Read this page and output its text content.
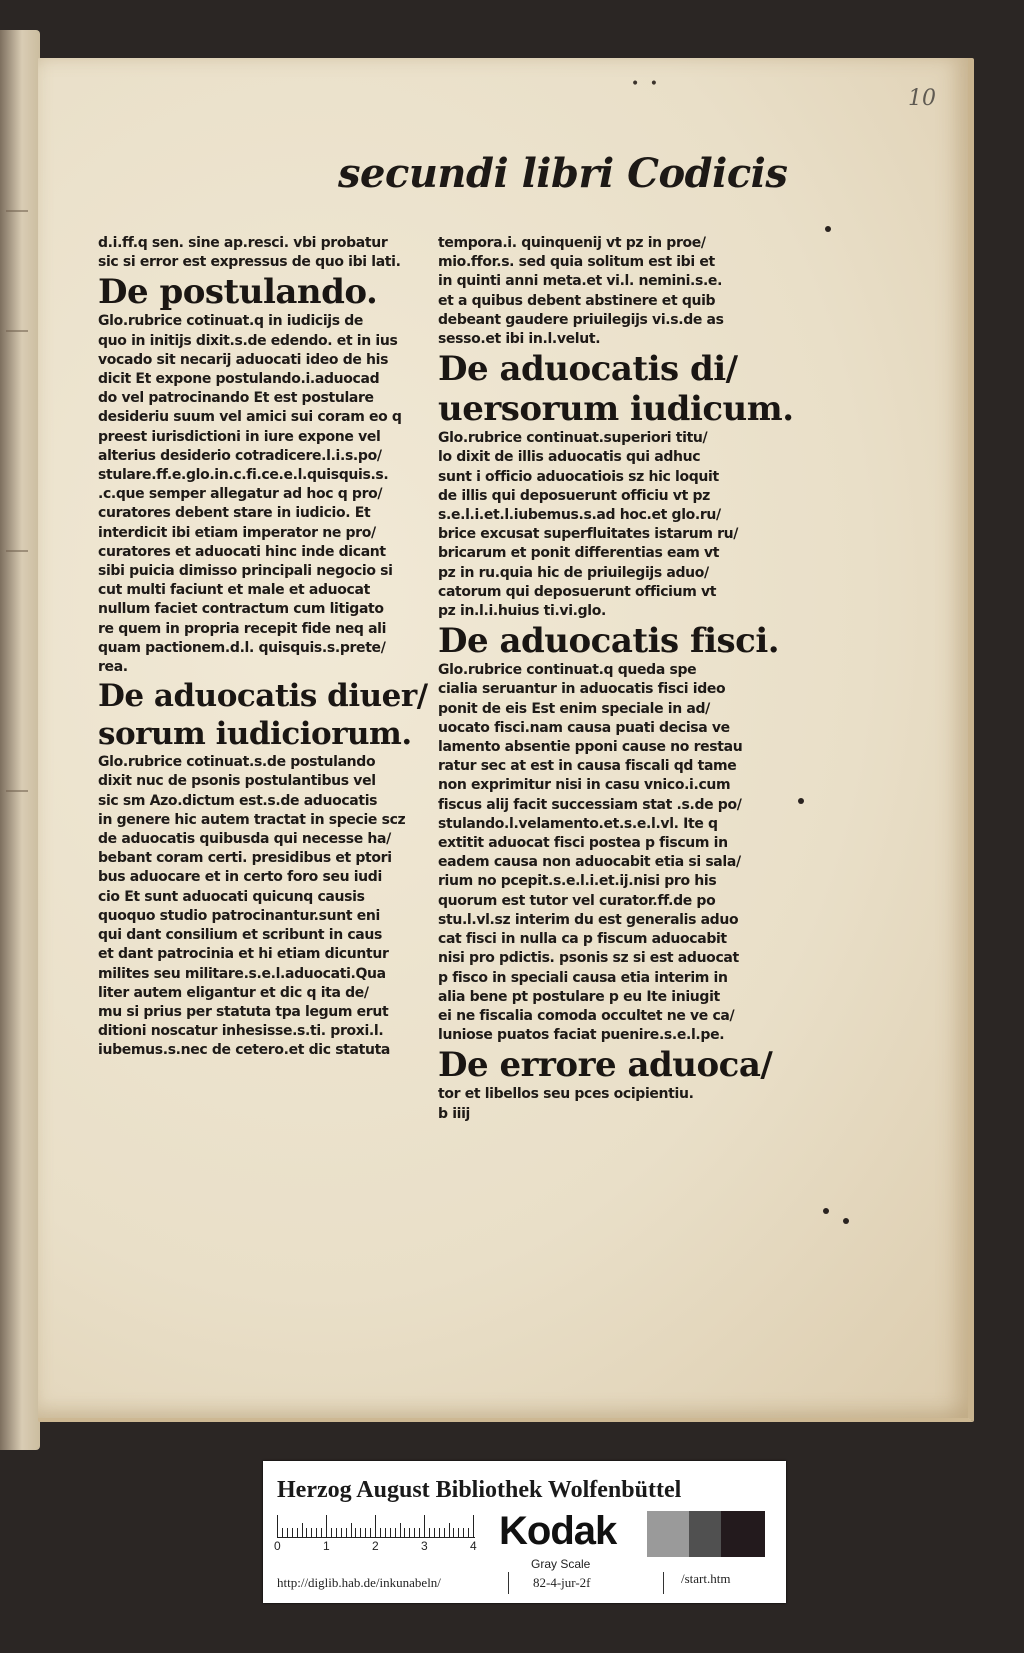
• •
10
secundi libri Codicis
d.i.ff.q sen. sine ap.resci. vbi probatur
sic si error est expressus de quo ibi lati.
De postulando.
Glo.rubrice cotinuat.q in iudicijs de
quo in initijs dixit.s.de edendo. et in ius
vocado sit necarij aduocati ideo de his
dicit Et expone postulando.i.aduocad
do vel patrocinando Et est postulare
desideriu suum vel amici sui coram eo q
preest iurisdictioni in iure expone vel
alterius desiderio cotradicere.l.i.s.po/
stulare.ff.e.glo.in.c.fi.ce.e.l.quisquis.s.
.c.que semper allegatur ad hoc q pro/
curatores debent stare in iudicio. Et
interdicit ibi etiam imperator ne pro/
curatores et aduocati hinc inde dicant
sibi puicia dimisso principali negocio si
cut multi faciunt et male et aduocat
nullum faciet contractum cum litigato
re quem in propria recepit fide neq ali
quam pactionem.d.l. quisquis.s.prete/
rea.
De aduocatis diuer/
sorum iudiciorum.
Glo.rubrice cotinuat.s.de postulando
dixit nuc de psonis postulantibus vel
sic sm Azo.dictum est.s.de aduocatis
in genere hic autem tractat in specie scz
de aduocatis quibusda qui necesse ha/
bebant coram certi. presidibus et ptori
bus aduocare et in certo foro seu iudi
cio Et sunt aduocati quicunq causis
quoquo studio patrocinantur.sunt eni
qui dant consilium et scribunt in caus
et dant patrocinia et hi etiam dicuntur
milites seu militare.s.e.l.aduocati.Qua
liter autem eligantur et dic q ita de/
mu si prius per statuta tpa legum erut
ditioni noscatur inhesisse.s.ti. proxi.l.
iubemus.s.nec de cetero.et dic statuta
tempora.i. quinquenij vt pz in proe/
mio.ffor.s. sed quia solitum est ibi et
in quinti anni meta.et vi.l. nemini.s.e.
et a quibus debent abstinere et quib
debeant gaudere priuilegijs vi.s.de as
sesso.et ibi in.l.velut.
De aduocatis di/
uersorum iudicum.
Glo.rubrice continuat.superiori titu/
lo dixit de illis aduocatis qui adhuc
sunt i officio aduocatiois sz hic loquit
de illis qui deposuerunt officiu vt pz
s.e.l.i.et.l.iubemus.s.ad hoc.et glo.ru/
brice excusat superfluitates istarum ru/
bricarum et ponit differentias eam vt
pz in ru.quia hic de priuilegijs aduo/
catorum qui deposuerunt officium vt
pz in.l.i.huius ti.vi.glo.
De aduocatis fisci.
Glo.rubrice continuat.q queda spe
cialia seruantur in aduocatis fisci ideo
ponit de eis Est enim speciale in ad/
uocato fisci.nam causa puati decisa ve
lamento absentie pponi cause no restau
ratur sec at est in causa fiscali qd tame
non exprimitur nisi in casu vnico.i.cum
fiscus alij facit successiam stat .s.de po/
stulando.l.velamento.et.s.e.l.vl. Ite q
extitit aduocat fisci postea p fiscum in
eadem causa non aduocabit etia si sala/
rium no pcepit.s.e.l.i.et.ij.nisi pro his
quorum est tutor vel curator.ff.de po
stu.l.vl.sz interim du est generalis aduo
cat fisci in nulla ca p fiscum aduocabit
nisi pro pdictis. psonis sz si est aduocat
p fisco in speciali causa etia interim in
alia bene pt postulare p eu Ite iniugit
ei ne fiscalia comoda occultet ne ve ca/
luniose puatos faciat puenire.s.e.l.pe.
De errore aduoca/
tor et libellos seu pces ocipientiu.
b iiij
Herzog August Bibliothek Wolfenbüttel
0	1	2	3	4 Kodak
Gray Scale
http://diglib.hab.de/inkunabeln/	82-4-jur-2f	/start.htm
